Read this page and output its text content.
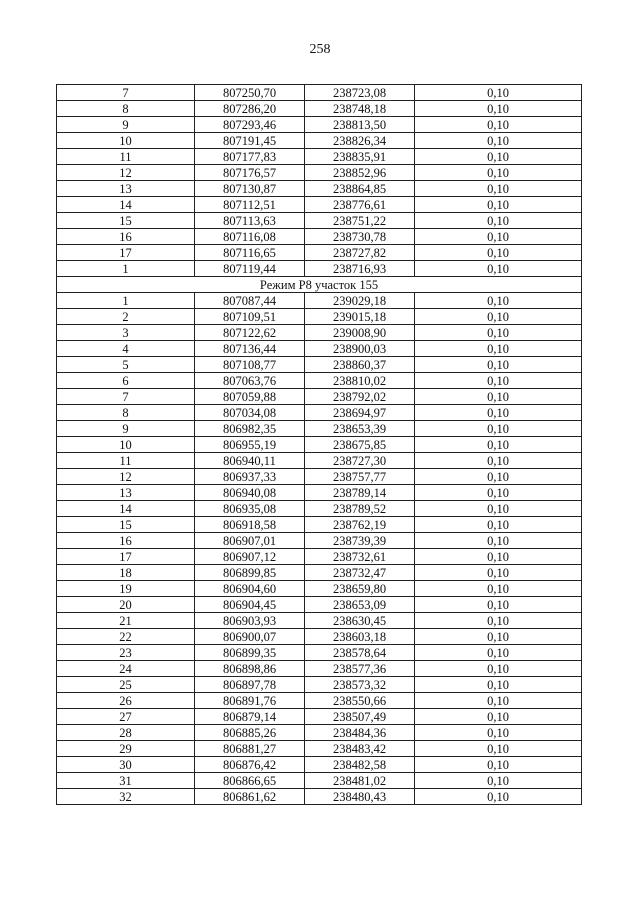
258
7	807250,70	238723,08	0,10
8	807286,20	238748,18	0,10
9	807293,46	238813,50	0,10
10	807191,45	238826,34	0,10
11	807177,83	238835,91	0,10
12	807176,57	238852,96	0,10
13	807130,87	238864,85	0,10
14	807112,51	238776,61	0,10
15	807113,63	238751,22	0,10
16	807116,08	238730,78	0,10
17	807116,65	238727,82	0,10
1	807119,44	238716,93	0,10
Режим Р8 участок 155			
1	807087,44	239029,18	0,10
2	807109,51	239015,18	0,10
3	807122,62	239008,90	0,10
4	807136,44	238900,03	0,10
5	807108,77	238860,37	0,10
6	807063,76	238810,02	0,10
7	807059,88	238792,02	0,10
8	807034,08	238694,97	0,10
9	806982,35	238653,39	0,10
10	806955,19	238675,85	0,10
11	806940,11	238727,30	0,10
12	806937,33	238757,77	0,10
13	806940,08	238789,14	0,10
14	806935,08	238789,52	0,10
15	806918,58	238762,19	0,10
16	806907,01	238739,39	0,10
17	806907,12	238732,61	0,10
18	806899,85	238732,47	0,10
19	806904,60	238659,80	0,10
20	806904,45	238653,09	0,10
21	806903,93	238630,45	0,10
22	806900,07	238603,18	0,10
23	806899,35	238578,64	0,10
24	806898,86	238577,36	0,10
25	806897,78	238573,32	0,10
26	806891,76	238550,66	0,10
27	806879,14	238507,49	0,10
28	806885,26	238484,36	0,10
29	806881,27	238483,42	0,10
30	806876,42	238482,58	0,10
31	806866,65	238481,02	0,10
32	806861,62	238480,43	0,10
